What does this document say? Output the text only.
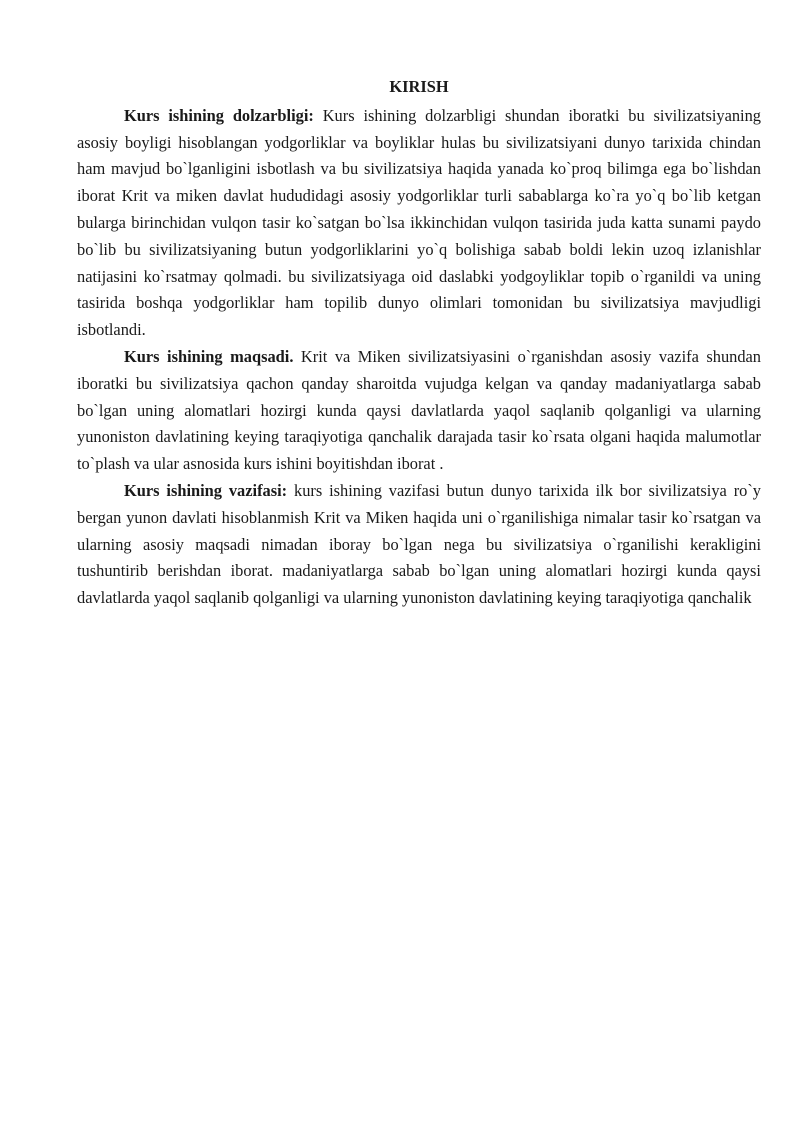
KIRISH

Kurs ishining dolzarbligi: Kurs ishining dolzarbligi shundan iboratki bu sivilizatsiyaning asosiy boyligi hisoblangan yodgorliklar va boyliklar hulas bu sivilizatsiyani dunyo tarixida chindan ham mavjud bo`lganligini isbotlash va bu sivilizatsiya haqida yanada ko`proq bilimga ega bo`lishdan iborat Krit va miken davlat hududidagi asosiy yodgorliklar turli sabablarga ko`ra yo`q bo`lib ketgan bularga birinchidan vulqon tasir ko`satgan bo`lsa ikkinchidan vulqon tasirida juda katta sunami paydo bo`lib bu sivilizatsiyaning butun yodgorliklarini yo`q bolishiga sabab boldi lekin uzoq izlanishlar natijasini ko`rsatmay qolmadi. bu sivilizatsiyaga oid daslabki yodgoyliklar topib o`rganildi va uning tasirida boshqa yodgorliklar ham topilib dunyo olimlari tomonidan bu sivilizatsiya mavjudligi isbotlandi.

Kurs ishining maqsadi. Krit va Miken sivilizatsiyasini o`rganishdan asosiy vazifa shundan iboratki bu sivilizatsiya qachon qanday sharoitda vujudga kelgan va qanday madaniyatlarga sabab bo`lgan uning alomatlari hozirgi kunda qaysi davlatlarda yaqol saqlanib qolganligi va ularning yunoniston davlatining keying taraqiyotiga qanchalik darajada tasir ko`rsata olgani haqida malumotlar to`plash va ular asnosida kurs ishini boyitishdan iborat .

Kurs ishining vazifasi: kurs ishining vazifasi butun dunyo tarixida ilk bor sivilizatsiya ro`y bergan yunon davlati hisoblanmish Krit va Miken haqida uni o`rganilishiga nimalar tasir ko`rsatgan va ularning asosiy maqsadi nimadan iboray bo`lgan nega bu sivilizatsiya o`rganilishi kerakligini tushuntirib berishdan iborat. madaniyatlarga sabab bo`lgan uning alomatlari hozirgi kunda qaysi davlatlarda yaqol saqlanib qolganligi va ularning yunoniston davlatining keying taraqiyotiga qanchalik
